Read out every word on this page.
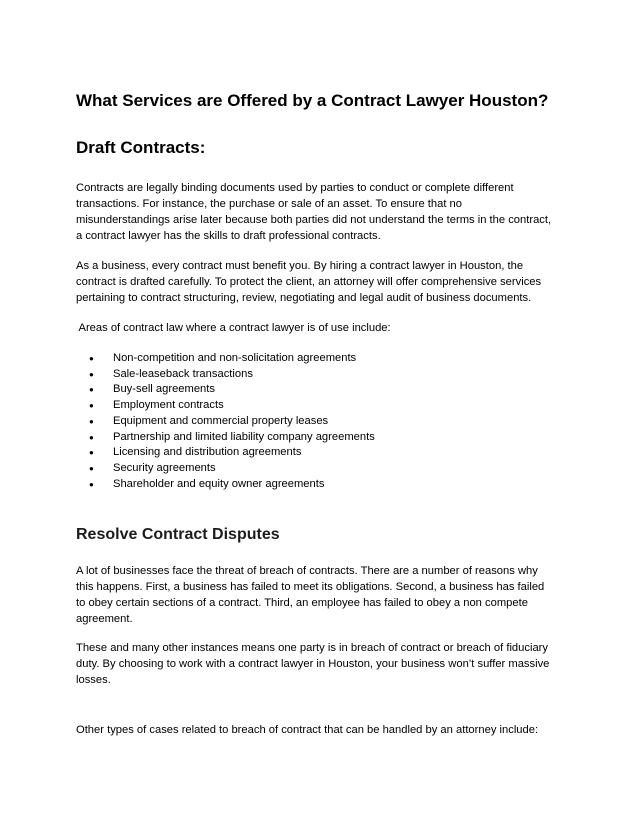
What Services are Offered by a Contract Lawyer Houston?
Draft Contracts:

Contracts are legally binding documents used by parties to conduct or complete different
transactions. For instance, the purchase or sale of an asset. To ensure that no
misunderstandings arise later because both parties did not understand the terms in the contract,
a contract lawyer has the skills to draft professional contracts.

As a business, every contract must benefit you. By hiring a contract lawyer in Houston, the
contract is drafted carefully. To protect the client, an attorney will offer comprehensive services
pertaining to contract structuring, review, negotiating and legal audit of business documents.

Areas of contract law where a contract lawyer is of use include:

● Non-competition and non-solicitation agreements
● Sale-leaseback transactions
● Buy-sell agreements
● Employment contracts
● Equipment and commercial property leases
● Partnership and limited liability company agreements
● Licensing and distribution agreements
● Security agreements
● Shareholder and equity owner agreements
Resolve Contract Disputes

A lot of businesses face the threat of breach of contracts. There are a number of reasons why
this happens. First, a business has failed to meet its obligations. Second, a business has failed
to obey certain sections of a contract. Third, an employee has failed to obey a non compete
agreement.

These and many other instances means one party is in breach of contract or breach of fiduciary
duty. By choosing to work with a contract lawyer in Houston, your business won’t suffer massive
losses.

Other types of cases related to breach of contract that can be handled by an attorney include:
